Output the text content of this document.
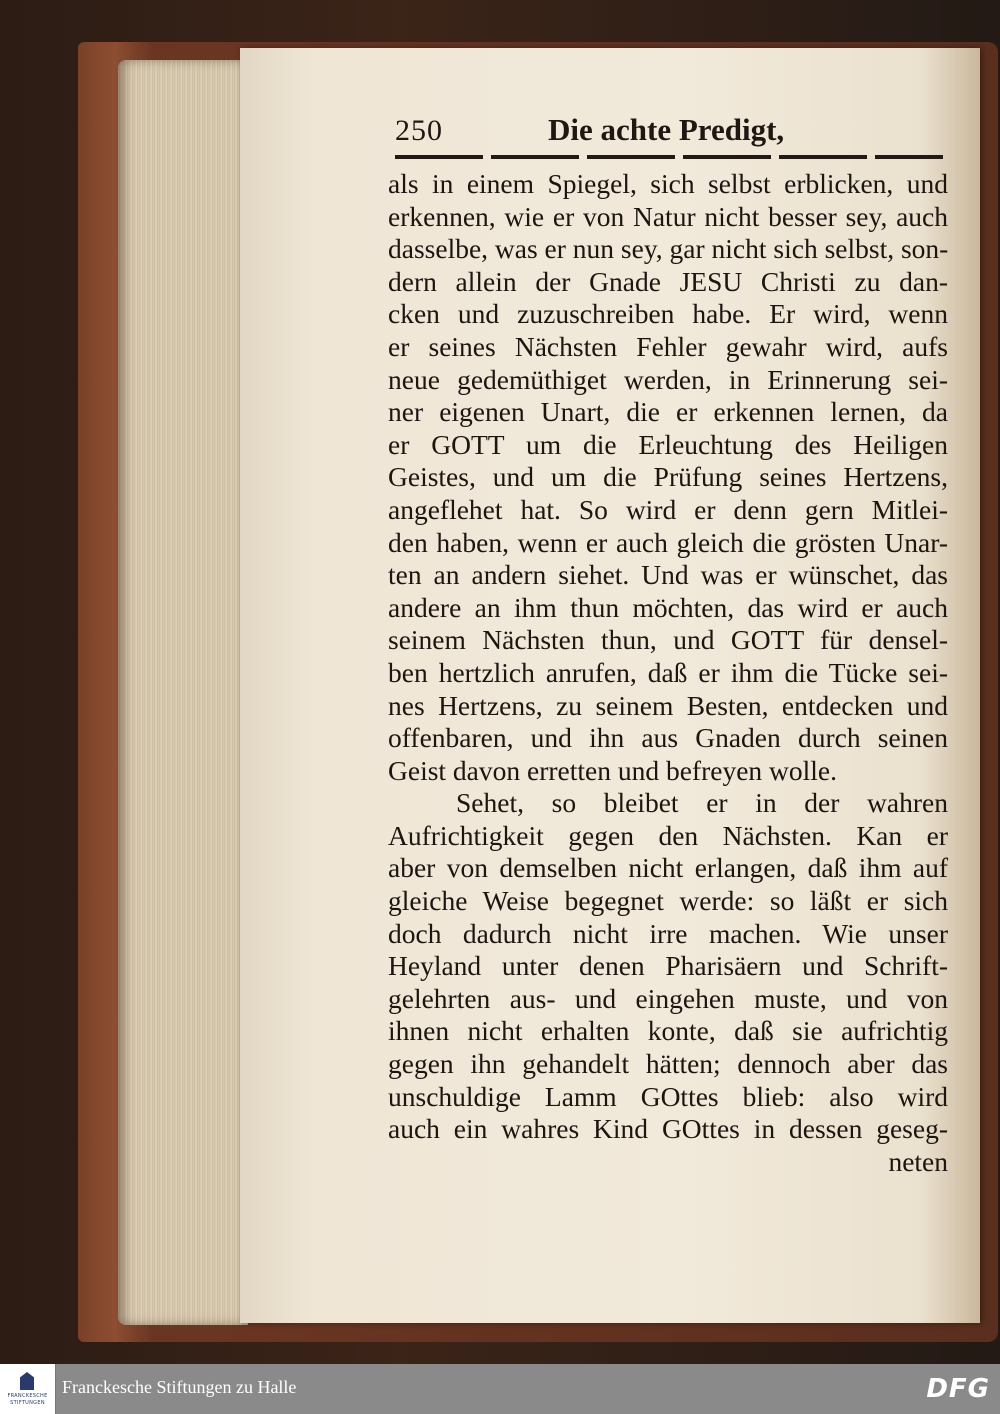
250	Die achte Predigt,
als in einem Spiegel, sich selbst erblicken, und
erkennen, wie er von Natur nicht besser sey, auch
dasselbe, was er nun sey, gar nicht sich selbst, son-
dern allein der Gnade JESU Christi zu dan-
cken und zuzuschreiben habe. Er wird, wenn
er seines Nächsten Fehler gewahr wird, aufs
neue gedemüthiget werden, in Erinnerung sei-
ner eigenen Unart, die er erkennen lernen, da
er GOTT um die Erleuchtung des Heiligen
Geistes, und um die Prüfung seines Hertzens,
angeflehet hat. So wird er denn gern Mitlei-
den haben, wenn er auch gleich die grösten Unar-
ten an andern siehet. Und was er wünschet, das
andere an ihm thun möchten, das wird er auch
seinem Nächsten thun, und GOTT für densel-
ben hertzlich anrufen, daß er ihm die Tücke sei-
nes Hertzens, zu seinem Besten, entdecken und
offenbaren, und ihn aus Gnaden durch seinen
Geist davon erretten und befreyen wolle.
Sehet, so bleibet er in der wahren
Aufrichtigkeit gegen den Nächsten. Kan er
aber von demselben nicht erlangen, daß ihm auf
gleiche Weise begegnet werde: so läßt er sich
doch dadurch nicht irre machen. Wie unser
Heyland unter denen Pharisäern und Schrift-
gelehrten aus- und eingehen muste, und von
ihnen nicht erhalten konte, daß sie aufrichtig
gegen ihn gehandelt hätten; dennoch aber das
unschuldige Lamm GOttes blieb: also wird
auch ein wahres Kind GOttes in dessen geseg-
neten
FRANCKESCHE
STIFTUNGEN
Franckesche Stiftungen zu Halle	DFG
